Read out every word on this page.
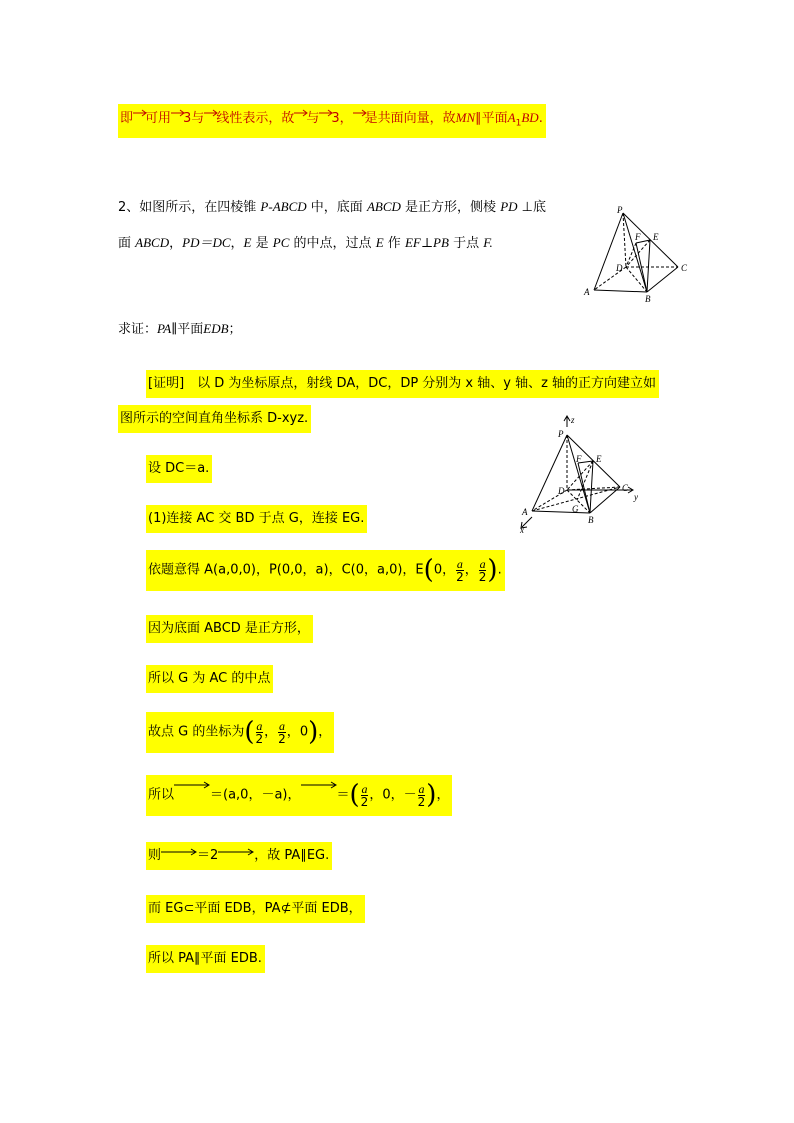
即 可用 3与 线性表示，故 与 3， 是共面向量，故MN∥平面$A_1BD$.
2、如图所示，在四棱锥 P-ABCD 中，底面 ABCD 是正方形，侧棱 PD ⊥底
面 ABCD，PD＝DC，E 是 PC 的中点，过点 E 作 EF⊥PB 于点 F.
P
F E
D	C
A
B
求证：PA∥平面EDB；
[证明]　以 D 为坐标原点，射线 DA，DC，DP 分别为 x 轴、y 轴、z 轴的正方向建立如
图所示的空间直角坐标系 D-xyz.
设 DC＝a.
(1)连接 AC 交 BD 于点 G，连接 EG.
依题意得 A(a,0,0)，P(0,0，a)，C(0，a,0)，E(0， $\frac{a}{2}$ ， $\frac{a}{2}$ ).
因为底面 ABCD 是正方形，
所以 G 为 AC 的中点
故点 G 的坐标为( $\frac{a}{2}$ ， $\frac{a}{2}$ ，0)，
所以	＝(a,0，－a)，	＝( $\frac{a}{2}$ ，0，－ $\frac{a}{2}$ )，
则	＝2	，故 PA∥EG.
而 EG⊂平面 EDB，PA⊄平面 EDB，
所以 PA∥平面 EDB.
z
P
F E
D	C
y
A	G
B
x
